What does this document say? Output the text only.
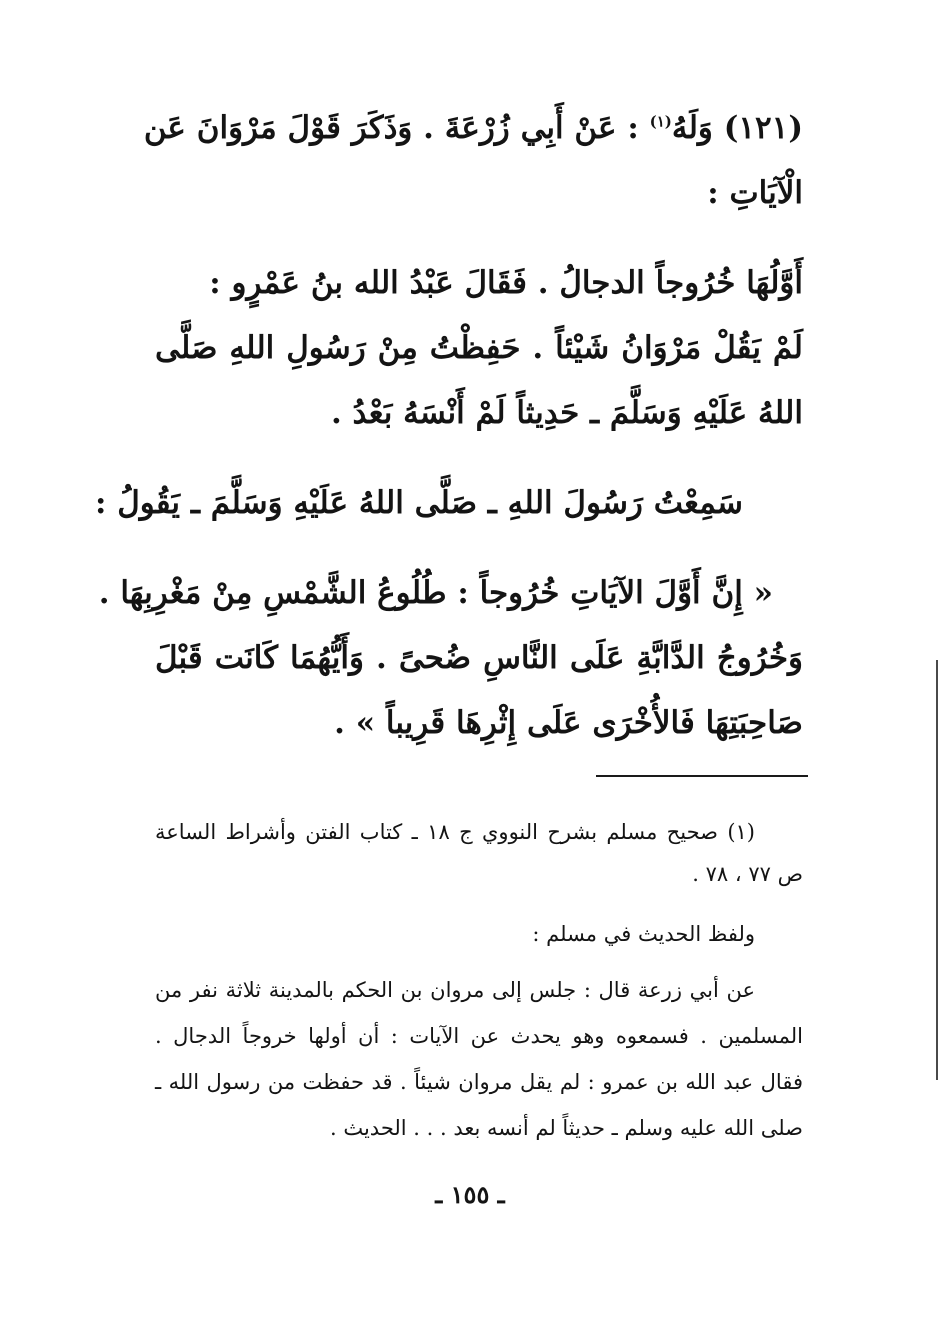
(١٢١) وَلَهُ$^{(١)}$ : عَنْ أَبِي زُرْعَةَ . وَذَكَرَ قَوْلَ مَرْوَانَ عَن
الْآيَاتِ :
أَوَّلُهَا خُرُوجاً الدجالُ . فَقَالَ عَبْدُ الله بنُ عَمْرٍو :
لَمْ يَقُلْ مَرْوَانُ شَيْئاً . حَفِظْتُ مِنْ رَسُولِ اللهِ صَلَّى
اللهُ عَلَيْهِ وَسَلَّمَ ـ حَدِيثاً لَمْ أَنْسَهُ بَعْدُ .
سَمِعْتُ رَسُولَ اللهِ ـ صَلَّى اللهُ عَلَيْهِ وَسَلَّمَ ـ يَقُولُ :
« إِنَّ أَوَّلَ الآيَاتِ خُرُوجاً : طُلُوعُ الشَّمْسِ مِنْ مَغْرِبِهَا .
وَخُرُوجُ الدَّابَّةِ عَلَى النَّاسِ ضُحىً . وَأَيُّهُمَا كَانَت قَبْلَ
صَاحِبَتِهَا فَالأُخْرَى عَلَى إِثْرِهَا قَرِيباً » .
(١) صحيح مسلم بشرح النووي ج ١٨ ـ كتاب الفتن وأشراط الساعة
ص ٧٧ ، ٧٨ .
ولفظ الحديث في مسلم :
عن أبي زرعة قال : جلس إلى مروان بن الحكم بالمدينة ثلاثة نفر من
المسلمين . فسمعوه وهو يحدث عن الآيات : أن أولها خروجاً الدجال .
فقال عبد الله بن عمرو : لم يقل مروان شيئاً . قد حفظت من رسول الله ـ
صلى الله عليه وسلم ـ حديثاً لم أنسه بعد . . . الحديث .
ـ ١٥٥ ـ
